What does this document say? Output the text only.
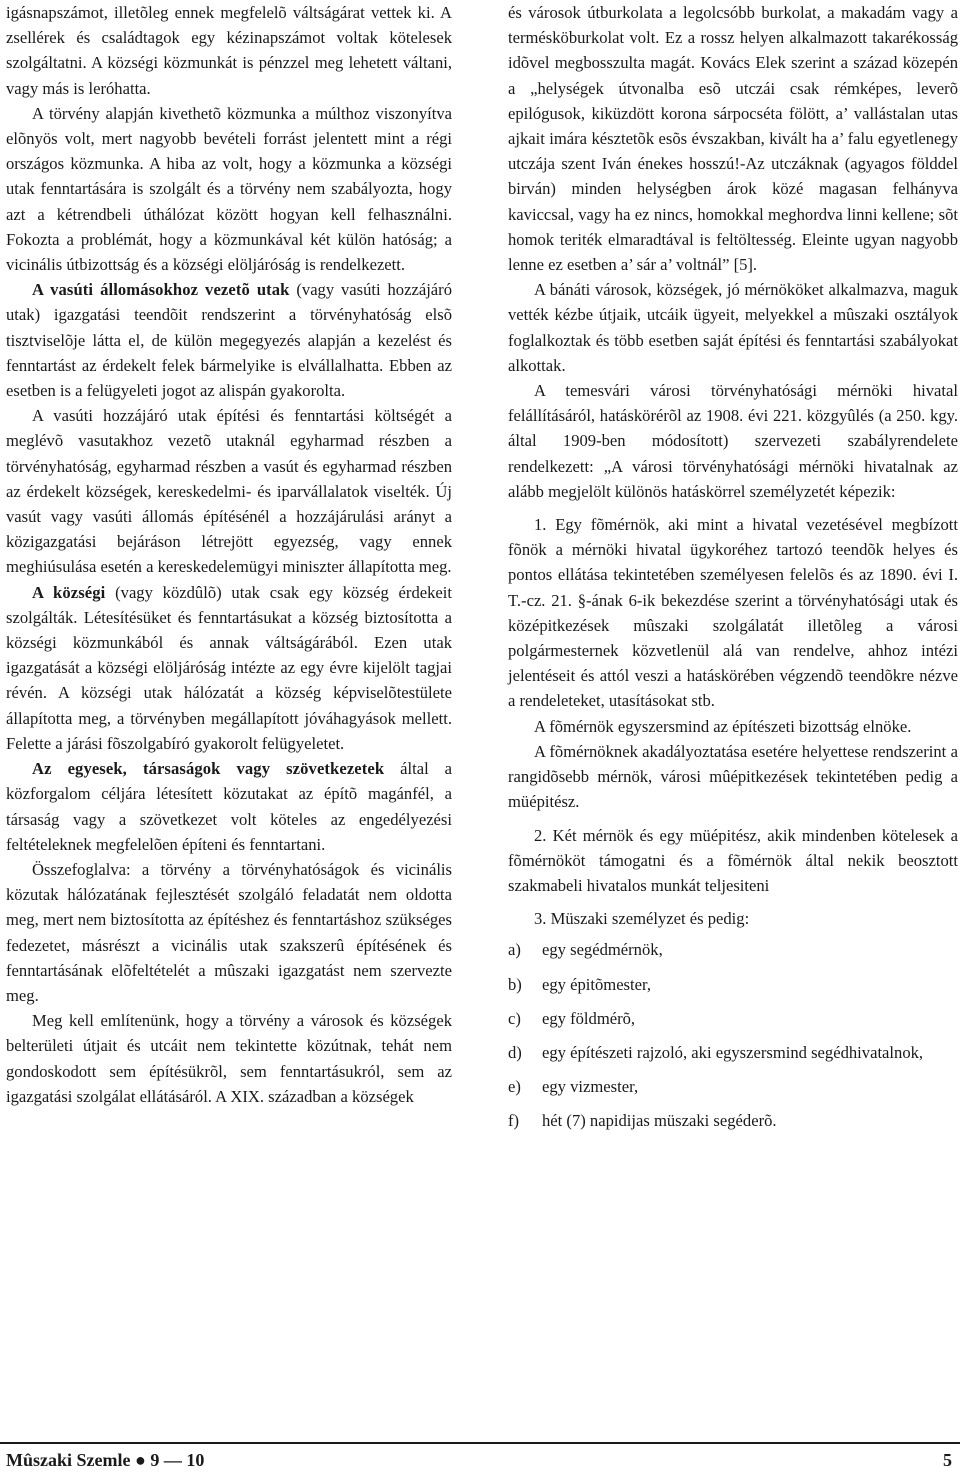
igásnapszámot, illetõleg ennek megfelelõ váltságárat vettek ki. A zsellérek és családtagok egy kézinapszámot voltak kötelesek szolgáltatni. A községi közmunkát is pénzzel meg lehetett váltani, vagy más is leróhatta.

A törvény alapján kivethetõ közmunka a múlthoz viszonyítva elõnyös volt, mert nagyobb bevételi forrást jelentett mint a régi országos közmunka. A hiba az volt, hogy a közmunka a községi utak fenntartására is szolgált és a törvény nem szabályozta, hogy azt a kétrendbeli úthálózat között hogyan kell felhasználni. Fokozta a problémát, hogy a közmunkával két külön hatóság; a vicinális útbizottság és a községi elöljáróság is rendelkezett.

A vasúti állomásokhoz vezetõ utak (vagy vasúti hozzájáró utak) igazgatási teendõit rendszerint a törvényhatóság elsõ tisztviselõje látta el, de külön megegyezés alapján a kezelést és fenntartást az érdekelt felek bármelyike is elvállalhatta. Ebben az esetben is a felügyeleti jogot az alispán gyakorolta.

A vasúti hozzájáró utak építési és fenntartási költségét a meglévõ vasutakhoz vezetõ utaknál egyharmad részben a törvényhatóság, egyharmad részben a vasút és egyharmad részben az érdekelt községek, kereskedelmi- és iparvállalatok viselték. Új vasút vagy vasúti állomás építésénél a hozzájárulási arányt a közigazgatási bejáráson létrejött egyezség, vagy ennek meghiúsulása esetén a kereskedelemügyi miniszter állapította meg.

A községi (vagy közdûlõ) utak csak egy község érdekeit szolgálták. Létesítésüket és fenntartásukat a község biztosította a községi közmunkából és annak váltságárából. Ezen utak igazgatását a községi elöljáróság intézte az egy évre kijelölt tagjai révén. A községi utak hálózatát a község képviselõtestülete állapította meg, a törvényben megállapított jóváhagyások mellett. Felette a járási fõszolgabíró gyakorolt felügyeletet.

Az egyesek, társaságok vagy szövetkezetek által a közforgalom céljára létesített közutakat az építõ magánfél, a társaság vagy a szövetkezet volt köteles az engedélyezési feltételeknek megfelelõen építeni és fenntartani.

Összefoglalva: a törvény a törvényhatóságok és vicinális közutak hálózatának fejlesztését szolgáló feladatát nem oldotta meg, mert nem biztosította az építéshez és fenntartáshoz szükséges fedezetet, másrészt a vicinális utak szakszerû építésének és fenntartásának elõfeltételét a mûszaki igazgatást nem szervezte meg.

Meg kell említenünk, hogy a törvény a városok és községek belterületi útjait és utcáit nem tekintette közútnak, tehát nem gondoskodott sem építésükrõl, sem fenntartásukról, sem az igazgatási szolgálat ellátásáról. A XIX. században a községek

és városok útburkolata a legolcsóbb burkolat, a makadám vagy a termésköburkolat volt. Ez a rossz helyen alkalmazott takarékosság idõvel megbosszulta magát. Kovács Elek szerint a század közepén a „helységek útvonalba esõ utczái csak rémképes, leverõ epilógusok, kiküzdött korona sárpocséta fölött, a’ vallástalan utas ajkait imára késztetõk esõs évszakban, kivált ha a’ falu egyetlenegy utczája szent Iván énekes hosszú!-Az utczáknak (agyagos földdel birván) minden helységben árok közé magasan felhányva kaviccsal, vagy ha ez nincs, homokkal meghordva linni kellene; sõt homok teriték elmaradtával is feltöltesség. Eleinte ugyan nagyobb lenne ez esetben a’ sár a’ voltnál” [5].

A bánáti városok, községek, jó mérnököket alkalmazva, maguk vették kézbe útjaik, utcáik ügyeit, melyekkel a mûszaki osztályok foglalkoztak és több esetben saját építési és fenntartási szabályokat alkottak.

A temesvári városi törvényhatósági mérnöki hivatal felállításáról, hatáskörérõl az 1908. évi 221. közgyûlés (a 250. kgy. által 1909-ben módosított) szervezeti szabályrendelete rendelkezett: „A városi törvényhatósági mérnöki hivatalnak az alább megjelölt különös hatáskörrel személyzetét képezik:

1. Egy fõmérnök, aki mint a hivatal vezetésével megbízott fõnök a mérnöki hivatal ügykoréhez tartozó teendõk helyes és pontos ellátása tekintetében személyesen felelõs és az 1890. évi I. T.-cz. 21. §-ának 6-ik bekezdése szerint a törvényhatósági utak és középitkezések mûszaki szolgálatát illetõleg a városi polgármesternek közvetlenül alá van rendelve, ahhoz intézi jelentéseit és attól veszi a hatáskörében végzendõ teendõkre nézve a rendeleteket, utasításokat stb.

A fõmérnök egyszersmind az építészeti bizottság elnöke.

A fõmérnöknek akadályoztatása esetére helyettese rendszerint a rangidõsebb mérnök, városi mûépitkezések tekintetében pedig a müépitész.

2. Két mérnök és egy müépitész, akik mindenben kötelesek a fõmérnököt támogatni és a fõmérnök által nekik beosztott szakmabeli hivatalos munkát teljesiteni

3. Müszaki személyzet és pedig:

a)	egy segédmérnök,
b)	egy épitõmester,
c)	egy földmérõ,
d)	egy építészeti rajzoló, aki egyszersmind segédhivatalnok,
e)	egy vizmester,
f)	hét (7) napidijas müszaki segéderõ.
Mûszaki Szemle ● 9 — 10	5
